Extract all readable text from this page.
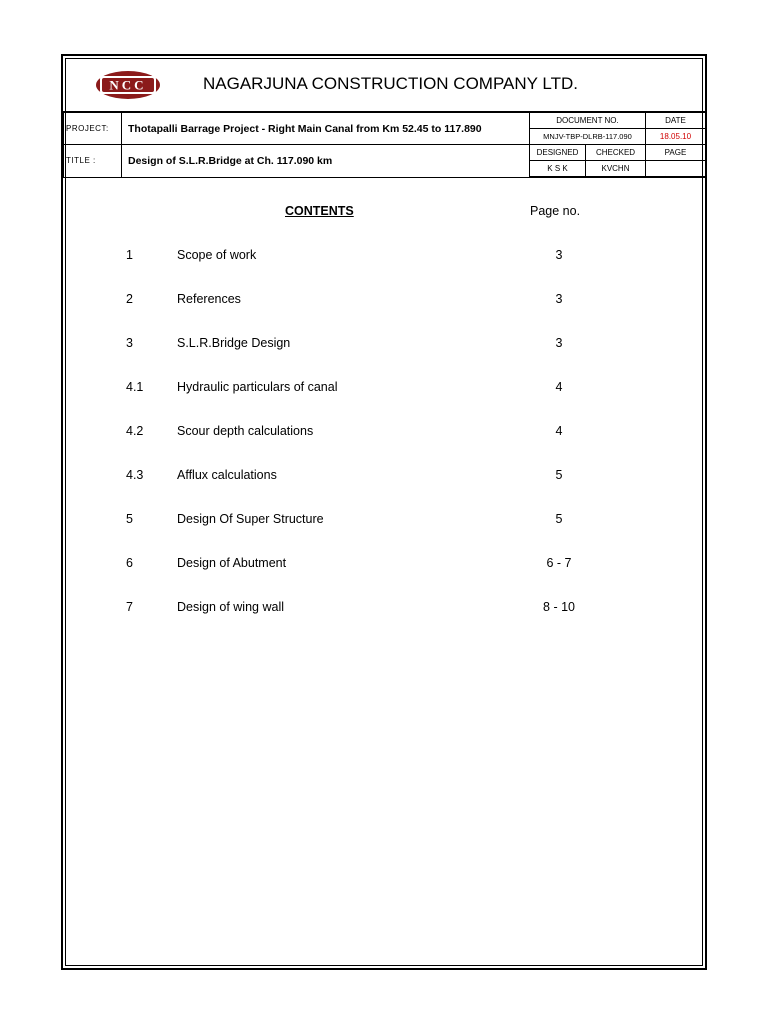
NCC	NAGARJUNA CONSTRUCTION COMPANY LTD.
PROJECT:	Thotapalli Barrage Project - Right Main Canal from Km 52.45 to 117.890	DOCUMENT NO.		DATE
		MNJV-TBP-DLRB-117.090		18.05.10
TITLE :	Design of S.L.R.Bridge at Ch. 117.090 km	DESIGNED	CHECKED	PAGE
		K S K	KVCHN	
CONTENTS	Page no.
1	Scope of work	3
2	References	3
3	S.L.R.Bridge Design	3
4.1	Hydraulic particulars of canal	4
4.2	Scour depth calculations	4
4.3	Afflux calculations	5
5	Design Of Super Structure	5
6	Design of Abutment	6 - 7
7	Design of wing wall	8 - 10
